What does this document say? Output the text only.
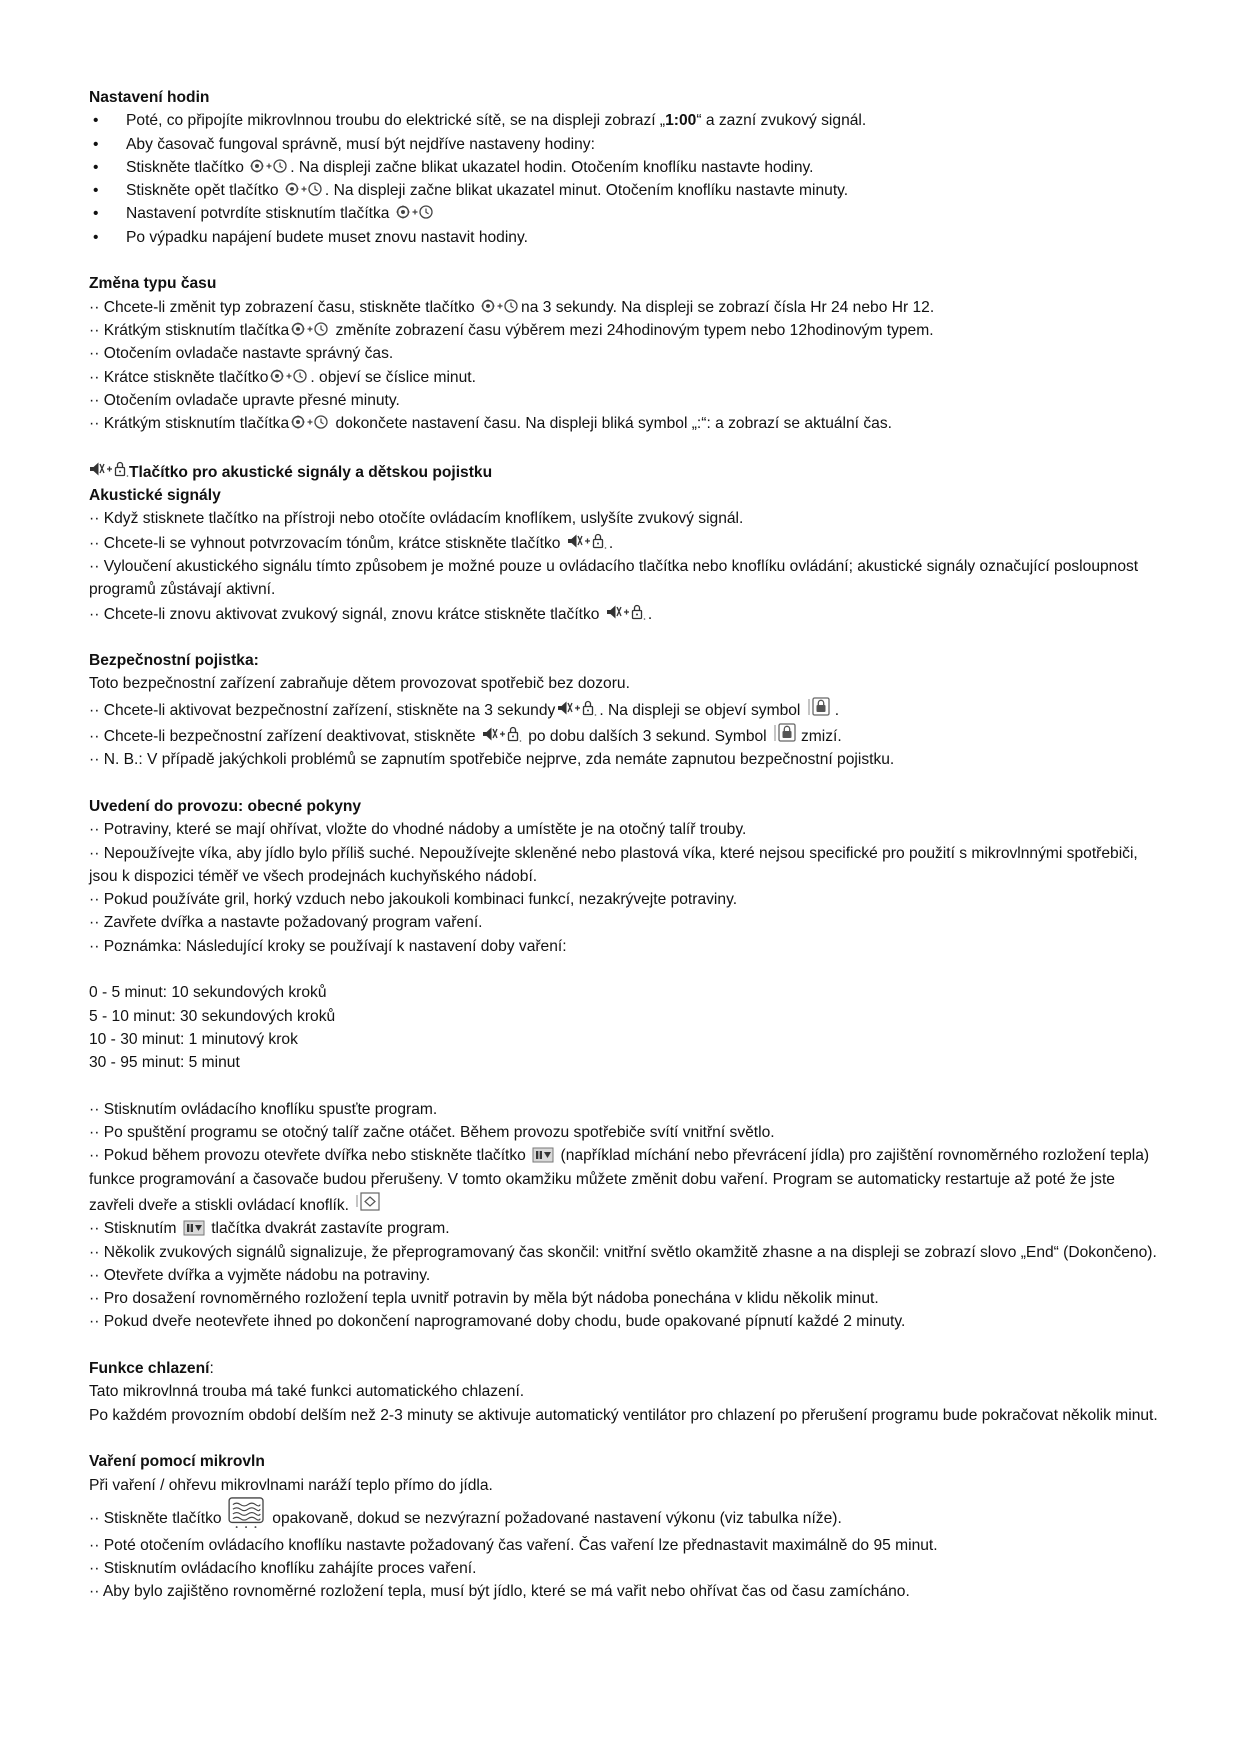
Nastavení hodin
• Poté, co připojíte mikrovlnnou troubu do elektrické sítě, se na displeji zobrazí „1:00“ a zazní zvukový signál.
• Aby časovač fungoval správně, musí být nejdříve nastaveny hodiny:
• Stiskněte tlačítko	. Na displeji začne blikat ukazatel hodin. Otočením knoflíku nastavte hodiny.
• Stiskněte opět tlačítko	. Na displeji začne blikat ukazatel minut. Otočením knoflíku nastavte minuty.
• Nastavení potvrdíte stisknutím tlačítka
• Po výpadku napájení budete muset znovu nastavit hodiny.
Změna typu času
·· Chcete-li změnit typ zobrazení času, stiskněte tlačítko	na 3 sekundy. Na displeji se zobrazí čísla Hr 24 nebo Hr 12.
·· Krátkým stisknutím tlačítka	změníte zobrazení času výběrem mezi 24hodinovým typem nebo 12hodinovým typem.
·· Otočením ovladače nastavte správný čas.
·· Krátce stiskněte tlačítko	. objeví se číslice minut.
·· Otočením ovladače upravte přesné minuty.
·· Krátkým stisknutím tlačítka	dokončete nastavení času. Na displeji bliká symbol „:“: a zobrazí se aktuální čas.
Tlačítko pro akustické signály a dětskou pojistku
Akustické signály
·· Když stisknete tlačítko na přístroji nebo otočíte ovládacím knoflíkem, uslyšíte zvukový signál.
·· Chcete-li se vyhnout potvrzovacím tónům, krátce stiskněte tlačítko	.
·· Vyloučení akustického signálu tímto způsobem je možné pouze u ovládacího tlačítka nebo knoflíku ovládání; akustické signály označující posloupnost programů zůstávají aktivní.
·· Chcete-li znovu aktivovat zvukový signál, znovu krátce stiskněte tlačítko	.
Bezpečnostní pojistka:
Toto bezpečnostní zařízení zabraňuje dětem provozovat spotřebič bez dozoru.
·· Chcete-li aktivovat bezpečnostní zařízení, stiskněte na 3 sekundy	. Na displeji se objeví symbol .
·· Chcete-li bezpečnostní zařízení deaktivovat, stiskněte	po dobu dalších 3 sekund. Symbol zmizí.
·· N. B.: V případě jakýchkoli problémů se zapnutím spotřebiče nejprve, zda nemáte zapnutou bezpečnostní pojistku.
Uvedení do provozu: obecné pokyny
·· Potraviny, které se mají ohřívat, vložte do vhodné nádoby a umístěte je na otočný talíř trouby.
·· Nepoužívejte víka, aby jídlo bylo příliš suché. Nepoužívejte skleněné nebo plastová víka, které nejsou specifické pro použití s mikrovlnnými spotřebiči, jsou k dispozici téměř ve všech prodejnách kuchyňského nádobí.
·· Pokud používáte gril, horký vzduch nebo jakoukoli kombinaci funkcí, nezakrývejte potraviny.
·· Zavřete dvířka a nastavte požadovaný program vaření.
·· Poznámka: Následující kroky se používají k nastavení doby vaření:
0 - 5 minut: 10 sekundových kroků
5 - 10 minut: 30 sekundových kroků
10 - 30 minut: 1 minutový krok
30 - 95 minut: 5 minut
·· Stisknutím ovládacího knoflíku spusťte program.
·· Po spuštění programu se otočný talíř začne otáčet. Během provozu spotřebiče svítí vnitřní světlo.
·· Pokud během provozu otevřete dvířka nebo stiskněte tlačítko (například míchání nebo převrácení jídla) pro zajištění rovnoměrného rozložení tepla) funkce programování a časovače budou přerušeny. V tomto okamžiku můžete změnit dobu vaření. Program se automaticky restartuje až poté že jste zavřeli dveře a stiskli ovládací knoflík.
·· Stisknutím tlačítka dvakrát zastavíte program.
·· Několik zvukových signálů signalizuje, že přeprogramovaný čas skončil: vnitřní světlo okamžitě zhasne a na displeji se zobrazí slovo „End“ (Dokončeno).
·· Otevřete dvířka a vyjměte nádobu na potraviny.
·· Pro dosažení rovnoměrného rozložení tepla uvnitř potravin by měla být nádoba ponechána v klidu několik minut.
·· Pokud dveře neotevřete ihned po dokončení naprogramované doby chodu, bude opakované pípnutí každé 2 minuty.
Funkce chlazení:
Tato mikrovlnná trouba má také funkci automatického chlazení.
Po každém provozním období delším než 2-3 minuty se aktivuje automatický ventilátor pro chlazení po přerušení programu bude pokračovat několik minut.
Vaření pomocí mikrovln
Při vaření / ohřevu mikrovlnami naráží teplo přímo do jídla.
·· Stiskněte tlačítko	opakovaně, dokud se nezvýrazní požadované nastavení výkonu (viz tabulka níže).
·· Poté otočením ovládacího knoflíku nastavte požadovaný čas vaření. Čas vaření lze přednastavit maximálně do 95 minut.
·· Stisknutím ovládacího knoflíku zahájíte proces vaření.
·· Aby bylo zajištěno rovnoměrné rozložení tepla, musí být jídlo, které se má vařit nebo ohřívat čas od času zamícháno.
